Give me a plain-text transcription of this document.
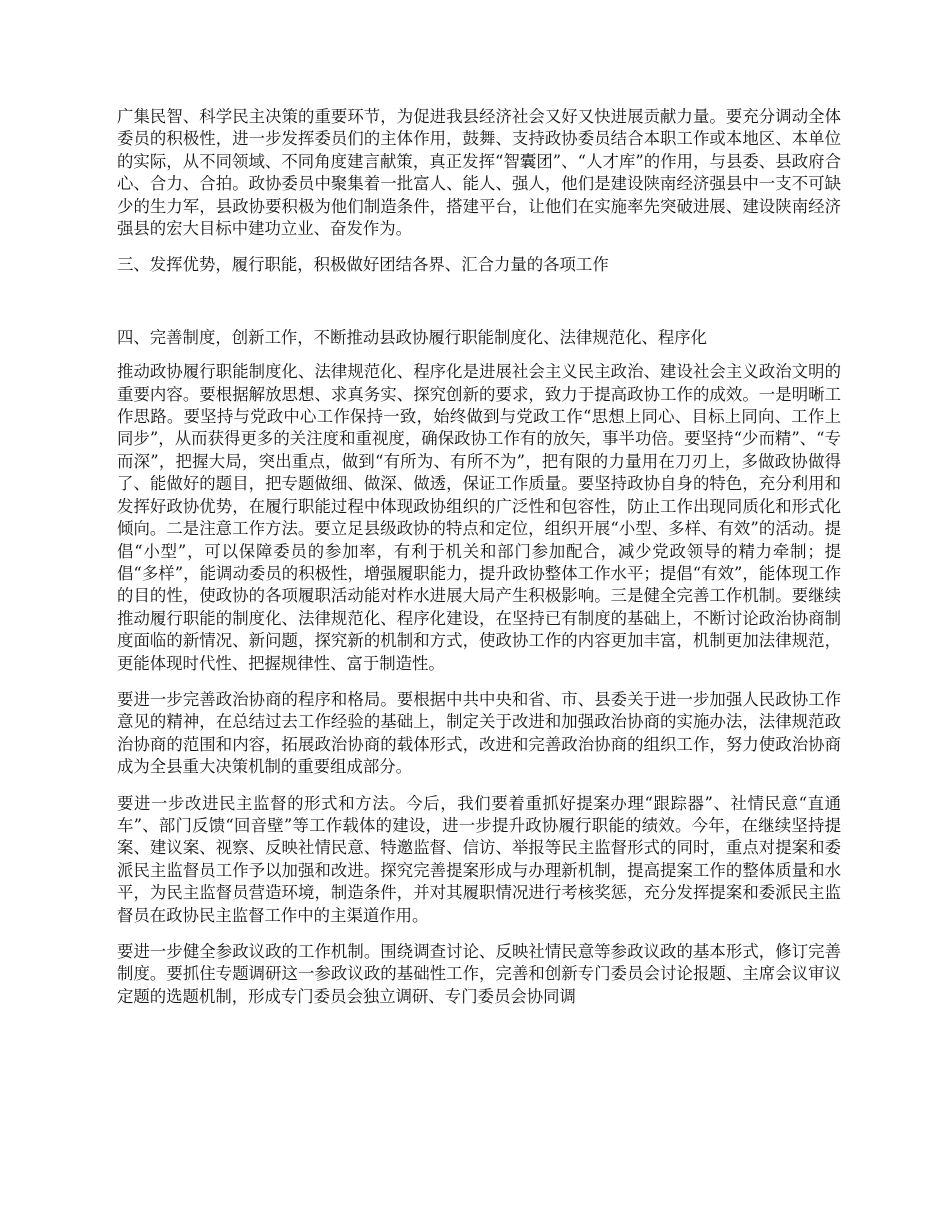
广集民智、科学民主决策的重要环节，为促进我县经济社会又好又快进展贡献力量。要充分调动全体委员的积极性，进一步发挥委员们的主体作用，鼓舞、支持政协委员结合本职工作或本地区、本单位的实际，从不同领域、不同角度建言献策，真正发挥“智囊团”、“人才库”的作用，与县委、县政府合心、合力、合拍。政协委员中聚集着一批富人、能人、强人，他们是建设陕南经济强县中一支不可缺少的生力军，县政协要积极为他们制造条件，搭建平台，让他们在实施率先突破进展、建设陕南经济强县的宏大目标中建功立业、奋发作为。

三、发挥优势，履行职能，积极做好团结各界、汇合力量的各项工作

四、完善制度，创新工作，不断推动县政协履行职能制度化、法律规范化、程序化

推动政协履行职能制度化、法律规范化、程序化是进展社会主义民主政治、建设社会主义政治文明的重要内容。要根据解放思想、求真务实、探究创新的要求，致力于提高政协工作的成效。一是明晰工作思路。要坚持与党政中心工作保持一致，始终做到与党政工作“思想上同心、目标上同向、工作上同步”，从而获得更多的关注度和重视度，确保政协工作有的放矢，事半功倍。要坚持“少而精”、“专而深”，把握大局，突出重点，做到“有所为、有所不为”，把有限的力量用在刀刃上，多做政协做得了、能做好的题目，把专题做细、做深、做透，保证工作质量。要坚持政协自身的特色，充分利用和发挥好政协优势，在履行职能过程中体现政协组织的广泛性和包容性，防止工作出现同质化和形式化倾向。二是注意工作方法。要立足县级政协的特点和定位，组织开展“小型、多样、有效”的活动。提倡“小型”，可以保障委员的参加率，有利于机关和部门参加配合，减少党政领导的精力牵制；提倡“多样”，能调动委员的积极性，增强履职能力，提升政协整体工作水平；提倡“有效”，能体现工作的目的性，使政协的各项履职活动能对柞水进展大局产生积极影响。三是健全完善工作机制。要继续推动履行职能的制度化、法律规范化、程序化建设，在坚持已有制度的基础上，不断讨论政治协商制度面临的新情况、新问题，探究新的机制和方式，使政协工作的内容更加丰富，机制更加法律规范，更能体现时代性、把握规律性、富于制造性。

要进一步完善政治协商的程序和格局。要根据中共中央和省、市、县委关于进一步加强人民政协工作意见的精神，在总结过去工作经验的基础上，制定关于改进和加强政治协商的实施办法，法律规范政治协商的范围和内容，拓展政治协商的载体形式，改进和完善政治协商的组织工作，努力使政治协商成为全县重大决策机制的重要组成部分。

要进一步改进民主监督的形式和方法。今后，我们要着重抓好提案办理“跟踪器”、社情民意“直通车”、部门反馈“回音壁”等工作载体的建设，进一步提升政协履行职能的绩效。今年，在继续坚持提案、建议案、视察、反映社情民意、特邀监督、信访、举报等民主监督形式的同时，重点对提案和委派民主监督员工作予以加强和改进。探究完善提案形成与办理新机制，提高提案工作的整体质量和水平，为民主监督员营造环境，制造条件，并对其履职情况进行考核奖惩，充分发挥提案和委派民主监督员在政协民主监督工作中的主渠道作用。

要进一步健全参政议政的工作机制。围绕调查讨论、反映社情民意等参政议政的基本形式，修订完善制度。要抓住专题调研这一参政议政的基础性工作，完善和创新专门委员会讨论报题、主席会议审议定题的选题机制，形成专门委员会独立调研、专门委员会协同调
